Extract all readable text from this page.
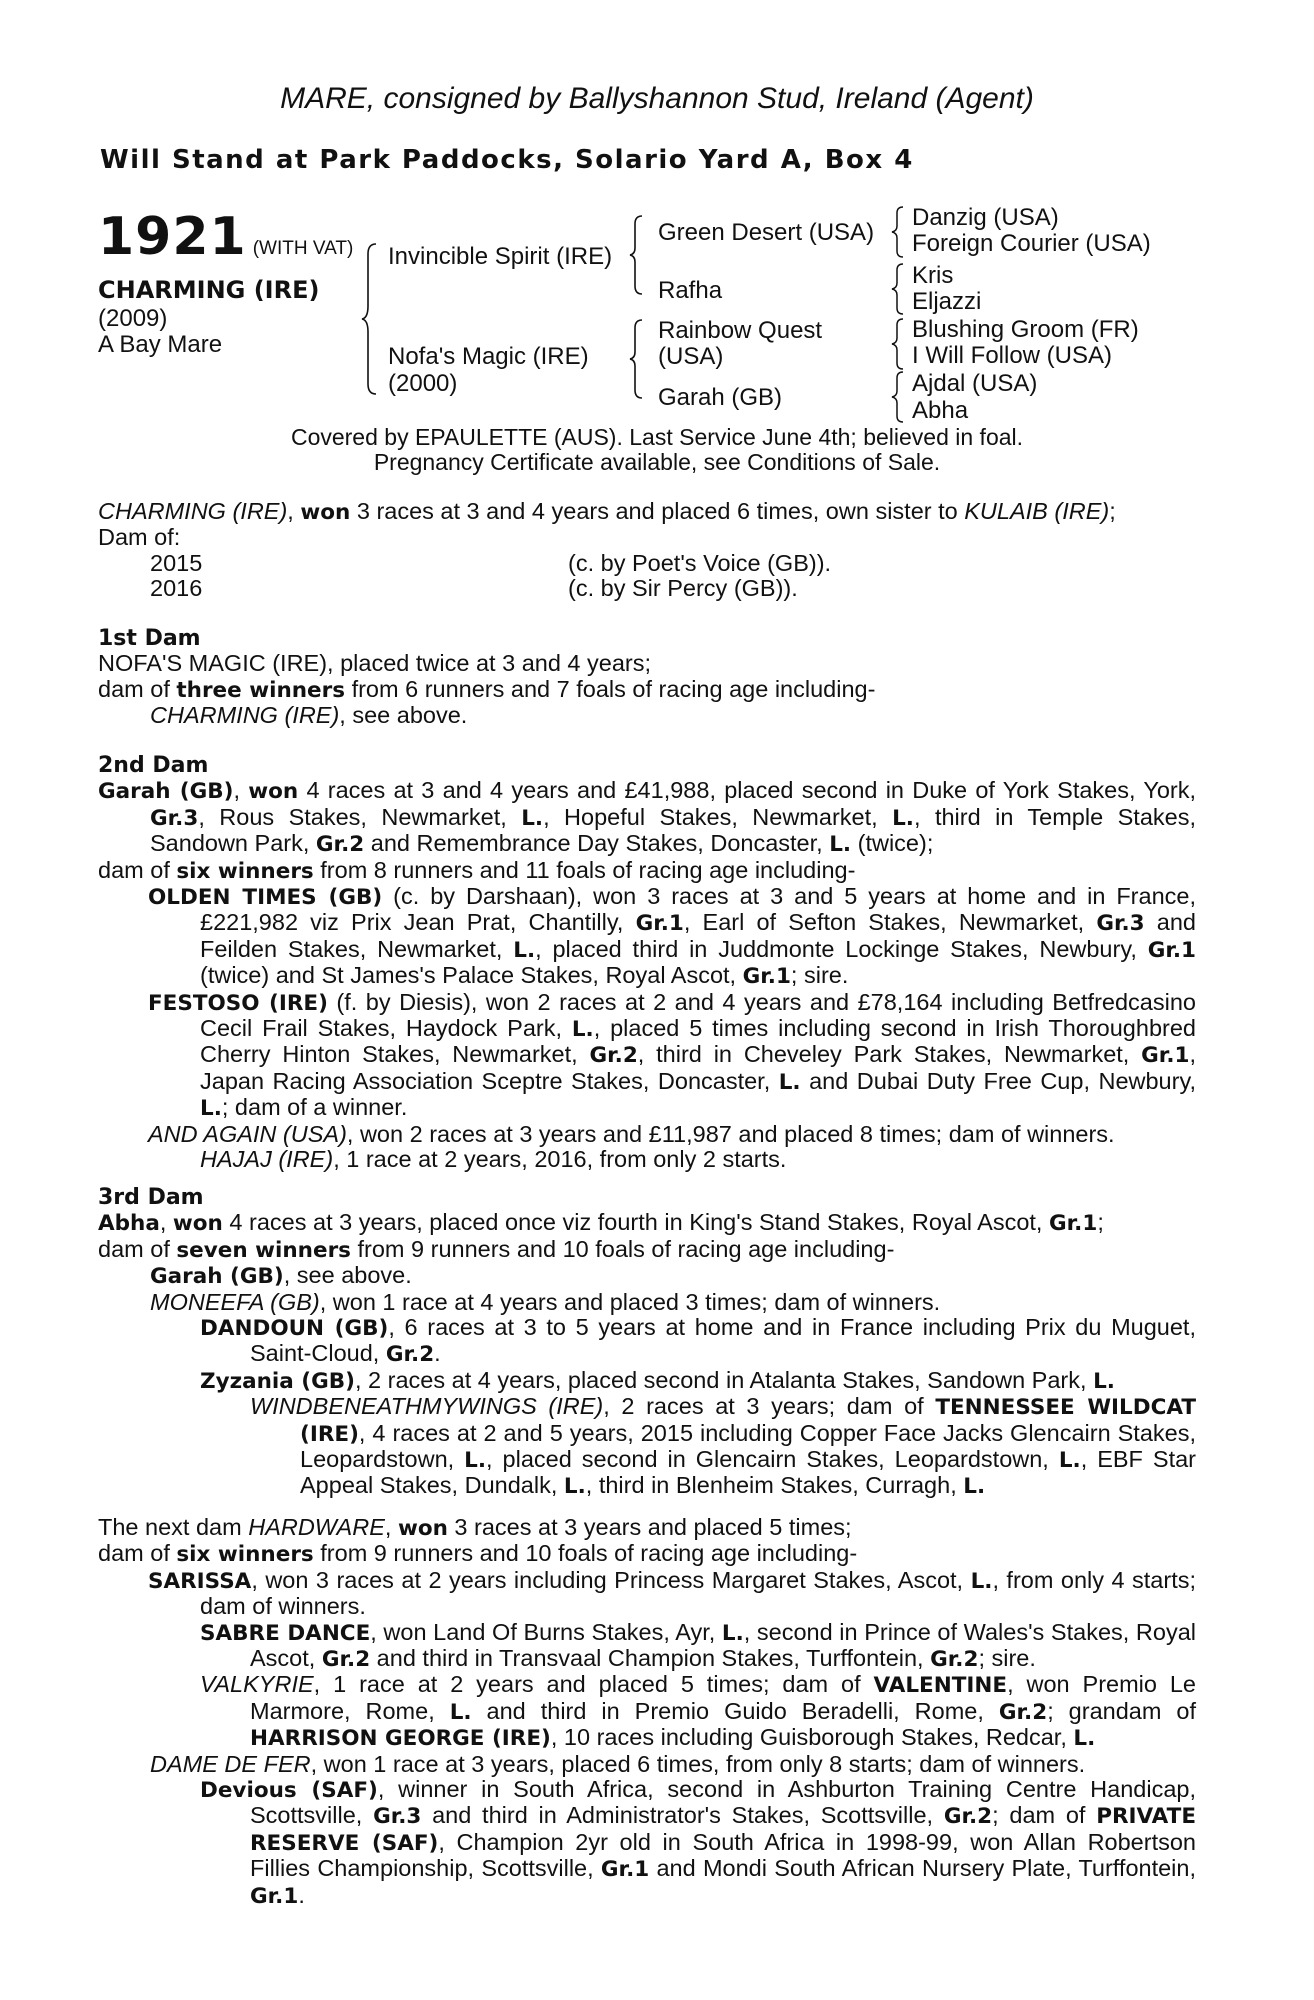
MARE, consigned by Ballyshannon Stud, Ireland (Agent)
Will Stand at Park Paddocks, Solario Yard A, Box 4
1921 (WITH VAT)
CHARMING (IRE)
(2009)
A Bay Mare
Invincible Spirit (IRE)
Nofa's Magic (IRE)
(2000)
Green Desert (USA)
Rafha
Rainbow Quest
(USA)
Garah (GB)
Danzig (USA)
Foreign Courier (USA)
Kris
Eljazzi
Blushing Groom (FR)
I Will Follow (USA)
Ajdal (USA)
Abha
Covered by EPAULETTE (AUS). Last Service June 4th; believed in foal.
Pregnancy Certificate available, see Conditions of Sale.

CHARMING (IRE), won 3 races at 3 and 4 years and placed 6 times, own sister to KULAIB (IRE);

Dam of:

2015	(c. by Poet's Voice (GB)).
2016	(c. by Sir Percy (GB)).

1st Dam

NOFA'S MAGIC (IRE), placed twice at 3 and 4 years;

dam of three winners from 6 runners and 7 foals of racing age including-

CHARMING (IRE), see above.

2nd Dam

Garah (GB), won 4 races at 3 and 4 years and £41,988, placed second in Duke of York Stakes, York, Gr.3, Rous Stakes, Newmarket, L., Hopeful Stakes, Newmarket, L., third in Temple Stakes, Sandown Park, Gr.2 and Remembrance Day Stakes, Doncaster, L. (twice);

dam of six winners from 8 runners and 11 foals of racing age including-

OLDEN TIMES (GB) (c. by Darshaan), won 3 races at 3 and 5 years at home and in France, £221,982 viz Prix Jean Prat, Chantilly, Gr.1, Earl of Sefton Stakes, Newmarket, Gr.3 and Feilden Stakes, Newmarket, L., placed third in Juddmonte Lockinge Stakes, Newbury, Gr.1 (twice) and St James's Palace Stakes, Royal Ascot, Gr.1; sire.

FESTOSO (IRE) (f. by Diesis), won 2 races at 2 and 4 years and £78,164 including Betfredcasino Cecil Frail Stakes, Haydock Park, L., placed 5 times including second in Irish Thoroughbred Cherry Hinton Stakes, Newmarket, Gr.2, third in Cheveley Park Stakes, Newmarket, Gr.1, Japan Racing Association Sceptre Stakes, Doncaster, L. and Dubai Duty Free Cup, Newbury, L.; dam of a winner.

AND AGAIN (USA), won 2 races at 3 years and £11,987 and placed 8 times; dam of winners.

HAJAJ (IRE), 1 race at 2 years, 2016, from only 2 starts.

3rd Dam

Abha, won 4 races at 3 years, placed once viz fourth in King's Stand Stakes, Royal Ascot, Gr.1;

dam of seven winners from 9 runners and 10 foals of racing age including-

Garah (GB), see above.

MONEEFA (GB), won 1 race at 4 years and placed 3 times; dam of winners.

DANDOUN (GB), 6 races at 3 to 5 years at home and in France including Prix du Muguet, Saint-Cloud, Gr.2.

Zyzania (GB), 2 races at 4 years, placed second in Atalanta Stakes, Sandown Park, L.

WINDBENEATHMYWINGS (IRE), 2 races at 3 years; dam of TENNESSEE WILDCAT (IRE), 4 races at 2 and 5 years, 2015 including Copper Face Jacks Glencairn Stakes, Leopardstown, L., placed second in Glencairn Stakes, Leopardstown, L., EBF Star Appeal Stakes, Dundalk, L., third in Blenheim Stakes, Curragh, L.

The next dam HARDWARE, won 3 races at 3 years and placed 5 times;

dam of six winners from 9 runners and 10 foals of racing age including-

SARISSA, won 3 races at 2 years including Princess Margaret Stakes, Ascot, L., from only 4 starts; dam of winners.

SABRE DANCE, won Land Of Burns Stakes, Ayr, L., second in Prince of Wales's Stakes, Royal Ascot, Gr.2 and third in Transvaal Champion Stakes, Turffontein, Gr.2; sire.

VALKYRIE, 1 race at 2 years and placed 5 times; dam of VALENTINE, won Premio Le Marmore, Rome, L. and third in Premio Guido Beradelli, Rome, Gr.2; grandam of HARRISON GEORGE (IRE), 10 races including Guisborough Stakes, Redcar, L.

DAME DE FER, won 1 race at 3 years, placed 6 times, from only 8 starts; dam of winners.

Devious (SAF), winner in South Africa, second in Ashburton Training Centre Handicap, Scottsville, Gr.3 and third in Administrator's Stakes, Scottsville, Gr.2; dam of PRIVATE RESERVE (SAF), Champion 2yr old in South Africa in 1998-99, won Allan Robertson Fillies Championship, Scottsville, Gr.1 and Mondi South African Nursery Plate, Turffontein, Gr.1.
